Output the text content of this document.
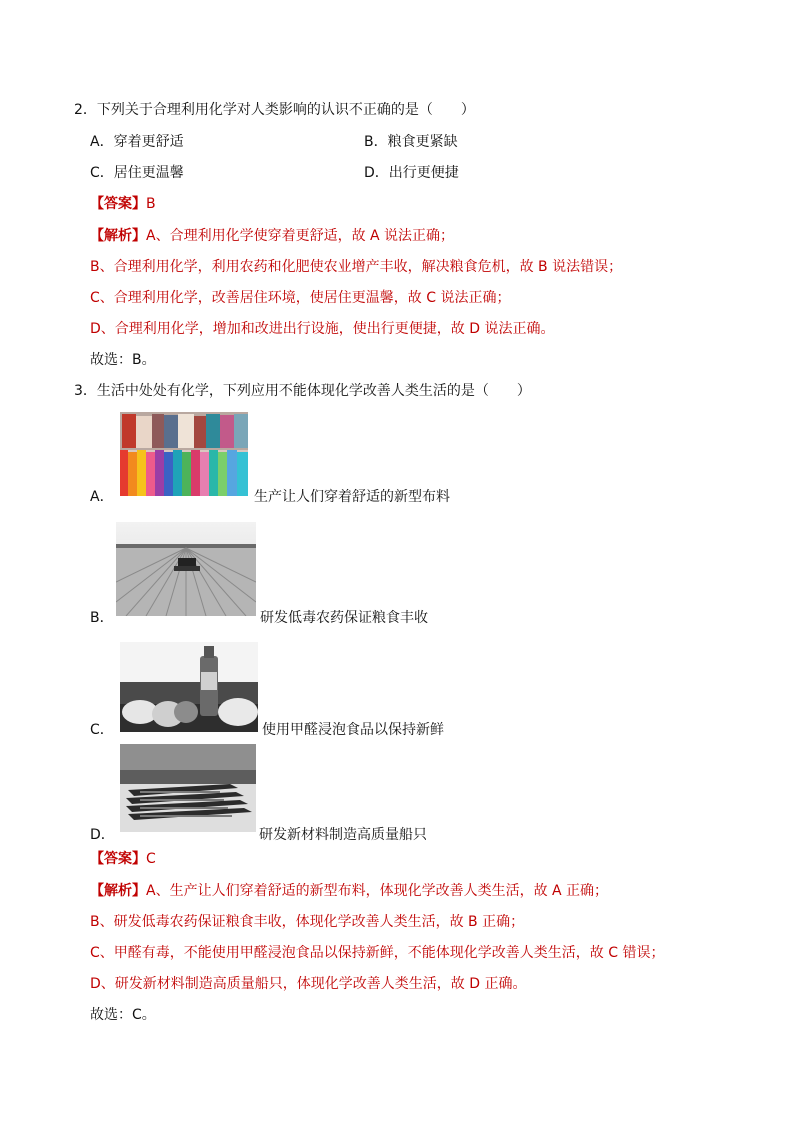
2．下列关于合理利用化学对人类影响的认识不正确的是（　　）
A．穿着更舒适	B．粮食更紧缺
C．居住更温馨	D．出行更便捷
【答案】B
【解析】A、合理利用化学使穿着更舒适，故 A 说法正确；
B、合理利用化学，利用农药和化肥使农业增产丰收，解决粮食危机，故 B 说法错误；
C、合理利用化学，改善居住环境，使居住更温馨，故 C 说法正确；
D、合理利用化学，增加和改进出行设施，使出行更便捷，故 D 说法正确。
故选：B。
3．生活中处处有化学，下列应用不能体现化学改善人类生活的是（　　）
A．	生产让人们穿着舒适的新型布料
B．	研发低毒农药保证粮食丰收
C．	使用甲醛浸泡食品以保持新鲜
D．	研发新材料制造高质量船只
【答案】C
【解析】A、生产让人们穿着舒适的新型布料，体现化学改善人类生活，故 A 正确；
B、研发低毒农药保证粮食丰收，体现化学改善人类生活，故 B 正确；
C、甲醛有毒，不能使用甲醛浸泡食品以保持新鲜，不能体现化学改善人类生活，故 C 错误；
D、研发新材料制造高质量船只，体现化学改善人类生活，故 D 正确。
故选：C。
